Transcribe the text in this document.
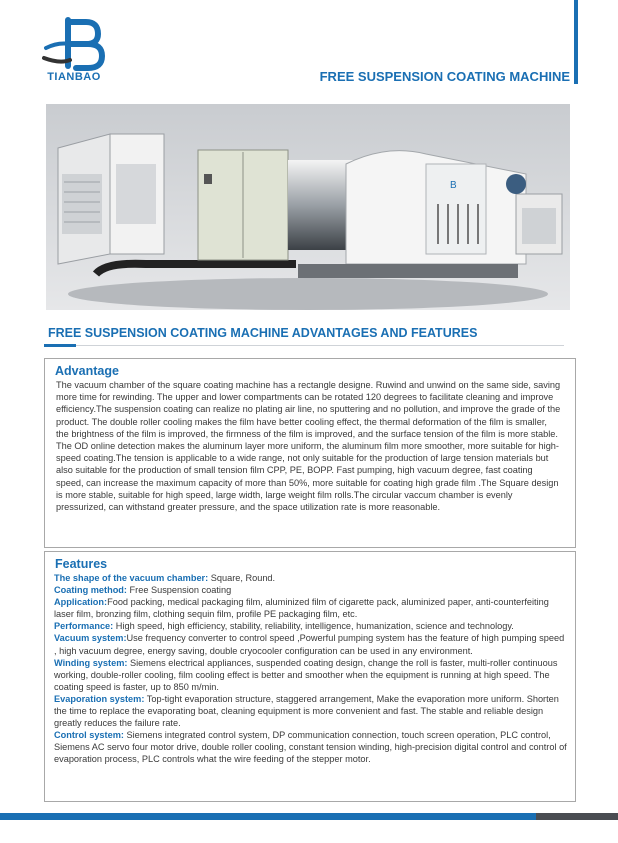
TIANBAO	FREE SUSPENSION COATING MACHINE
B
FREE SUSPENSION COATING MACHINE ADVANTAGES AND FEATURES
Advantage

The vacuum chamber of the square coating machine has a rectangle designe. Ruwind and unwind on the same side, saving more time for rewinding. The upper and lower compartments can be rotated 120 degrees to facilitate cleaning and improve efficiency.The suspension coating can realize no plating air line, no sputtering and no pollution, and improve the grade of the product. The double roller cooling makes the film have better cooling effect, the thermal deformation of the film is smaller, the brightness of the film is improved, the firmness of the film is improved, and the surface tension of the film is more stable. The OD online detection makes the aluminum layer more uniform, the aluminum film more smoother, more suitable for high-speed coating.The tension is applicable to a wide range, not only suitable for the production of large tension materials but also suitable for the production of small tension film CPP, PE, BOPP. Fast pumping, high vacuum degree, fast coating speed, can increase the maximum capacity of more than 50%, more suitable for coating high grade film .The Square design is more stable, suitable for high speed, large width, large weight film rolls.The circular vaccum chamber is evenly pressurized, can withstand greater pressure, and the space utilization rate is more reasonable.

Features
The shape of the vacuum chamber: Square, Round.
Coating method: Free Suspension coating
Application:Food packing, medical packaging film, aluminized film of cigarette pack, aluminized paper, anti-counterfeiting laser film, bronzing film, clothing sequin film, profile PE packaging film, etc.
Performance: High speed, high efficiency, stability, reliability, intelligence, humanization, science and technology.
Vacuum system:Use frequency converter to control speed ,Powerful pumping system has the feature of high pumping speed , high vacuum degree, energy saving, double cryocooler configuration can be used in any environment.
Winding system: Siemens electrical appliances, suspended coating design, change the roll is faster, multi-roller continuous working, double-roller cooling, film cooling effect is better and smoother when the equipment is running at high speed. The coating speed is faster, up to 850 m/min.
Evaporation system: Top-tight evaporation structure, staggered arrangement, Make the evaporation more uniform. Shorten the time to replace the evaporating boat, cleaning equipment is more convenient and fast. The stable and reliable design greatly reduces the failure rate.
Control system: Siemens integrated control system, DP communication connection, touch screen operation, PLC control, Siemens AC servo four motor drive, double roller cooling, constant tension winding, high-precision digital control and control of evaporation process, PLC controls what the wire feeding of the stepper motor.
